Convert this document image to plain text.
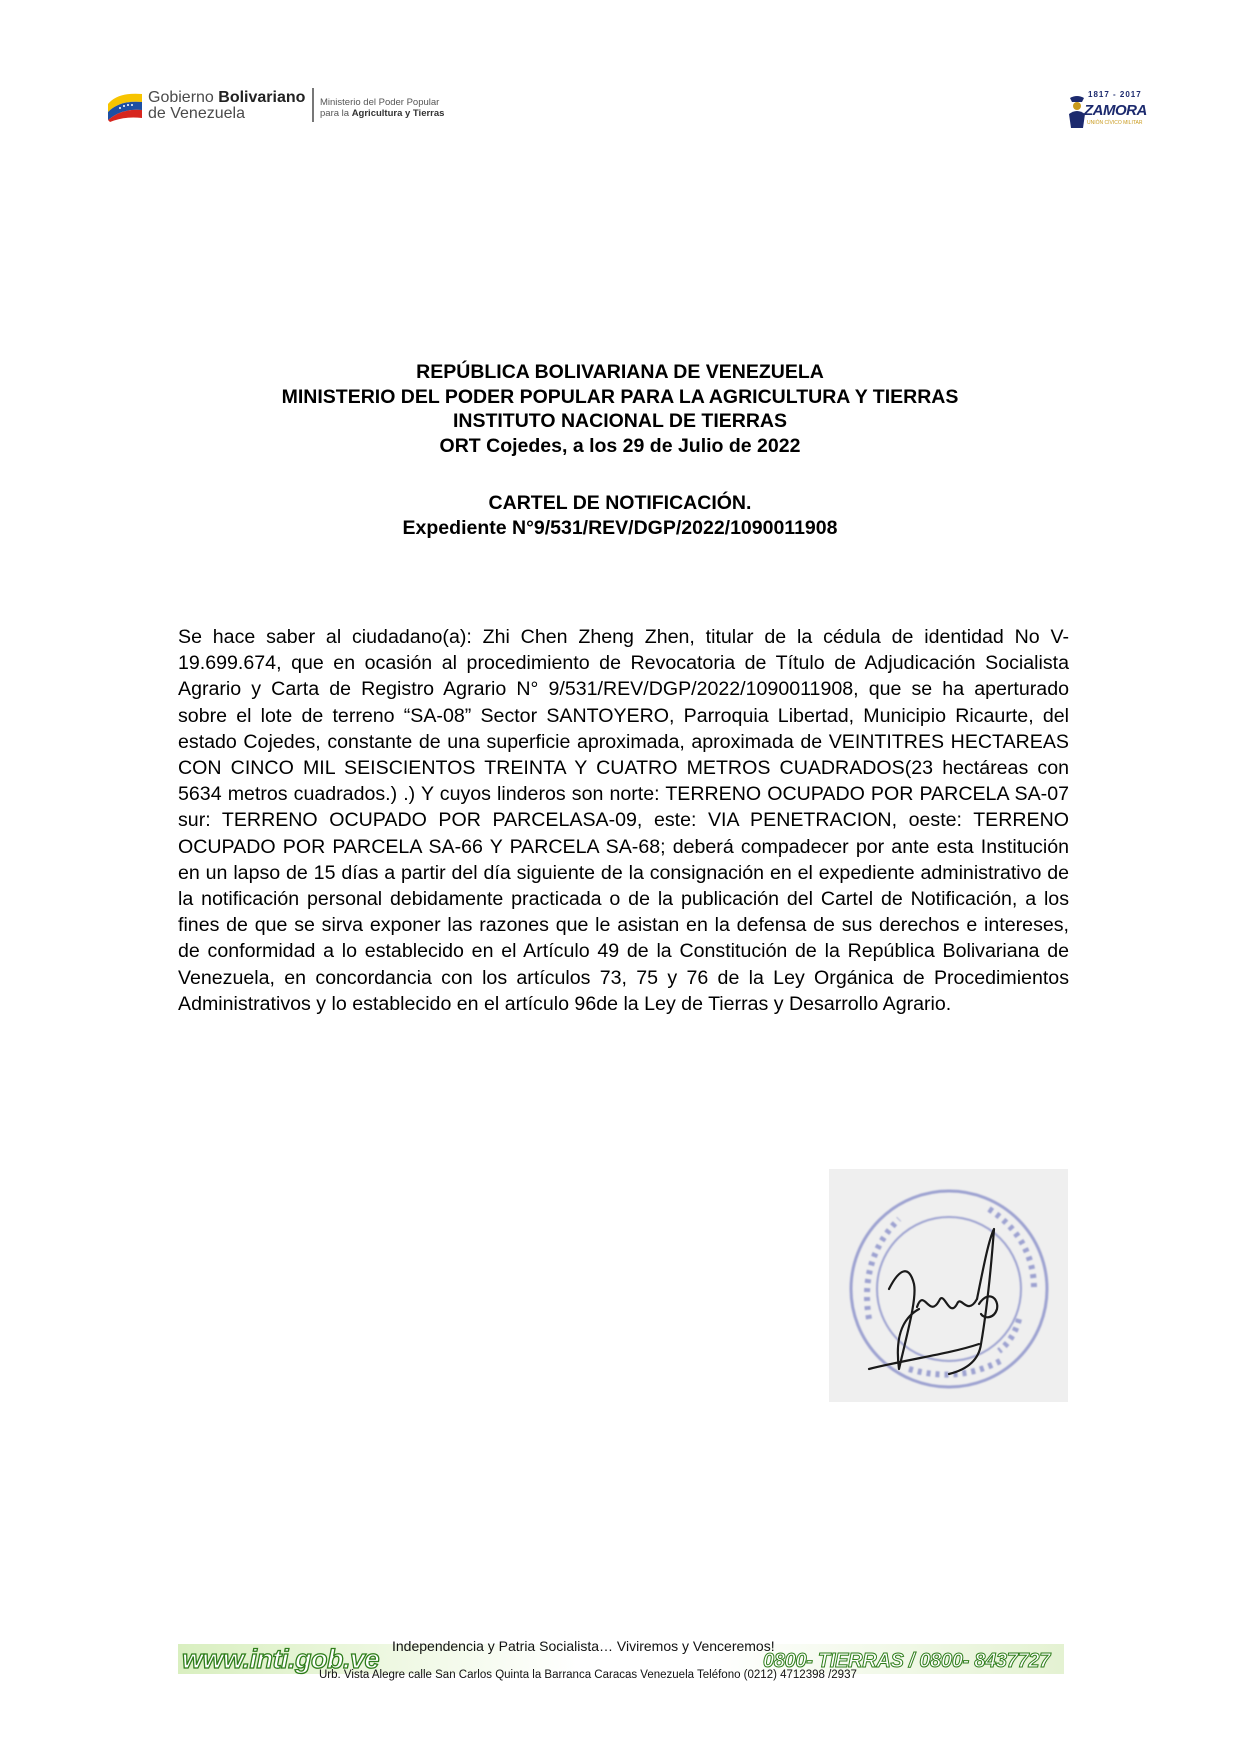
Gobierno Bolivariano
de Venezuela
Ministerio del Poder Popular
para la Agricultura y Tierras
1817 - 2017
ZAMORA
UNIÓN CÍVICO MILITAR
REPÚBLICA BOLIVARIANA DE VENEZUELA
MINISTERIO DEL PODER POPULAR PARA LA AGRICULTURA Y TIERRAS
INSTITUTO NACIONAL DE TIERRAS
ORT Cojedes, a los 29 de Julio de 2022
CARTEL DE NOTIFICACIÓN.
Expediente N°9/531/REV/DGP/2022/1090011908
Se hace saber al ciudadano(a): Zhi Chen Zheng Zhen, titular de la cédula de identidad No V- 19.699.674, que en ocasión al procedimiento de Revocatoria de Título de Adjudicación Socialista Agrario y Carta de Registro Agrario N° 9/531/REV/DGP/2022/1090011908, que se ha aperturado sobre el lote de terreno “SA-08” Sector SANTOYERO, Parroquia Libertad, Municipio Ricaurte, del estado Cojedes, constante de una superficie aproximada, aproximada de VEINTITRES HECTAREAS CON CINCO MIL SEISCIENTOS TREINTA Y CUATRO METROS CUADRADOS(23 hectáreas con 5634 metros cuadrados.) .) Y cuyos linderos son norte: TERRENO OCUPADO POR PARCELA SA-07 sur: TERRENO OCUPADO POR PARCELASA-09, este: VIA PENETRACION, oeste: TERRENO OCUPADO POR PARCELA SA-66 Y PARCELA SA-68; deberá compadecer por ante esta Institución en un lapso de 15 días a partir del día siguiente de la consignación en el expediente administrativo de la notificación personal debidamente practicada o de la publicación del Cartel de Notificación, a los fines de que se sirva exponer las razones que le asistan en la defensa de sus derechos e intereses, de conformidad a lo establecido en el Artículo 49 de la Constitución de la República Bolivariana de Venezuela, en concordancia con los artículos 73, 75 y 76 de la Ley Orgánica de Procedimientos Administrativos y lo establecido en el artículo 96de la Ley de Tierras y Desarrollo Agrario.
www.inti.gob.ve Independencia y Patria Socialista… Viviremos y Venceremos!
0800- TIERRAS / 0800- 8437727
Urb. Vista Alegre calle San Carlos Quinta la Barranca Caracas Venezuela Teléfono (0212) 4712398 /2937
